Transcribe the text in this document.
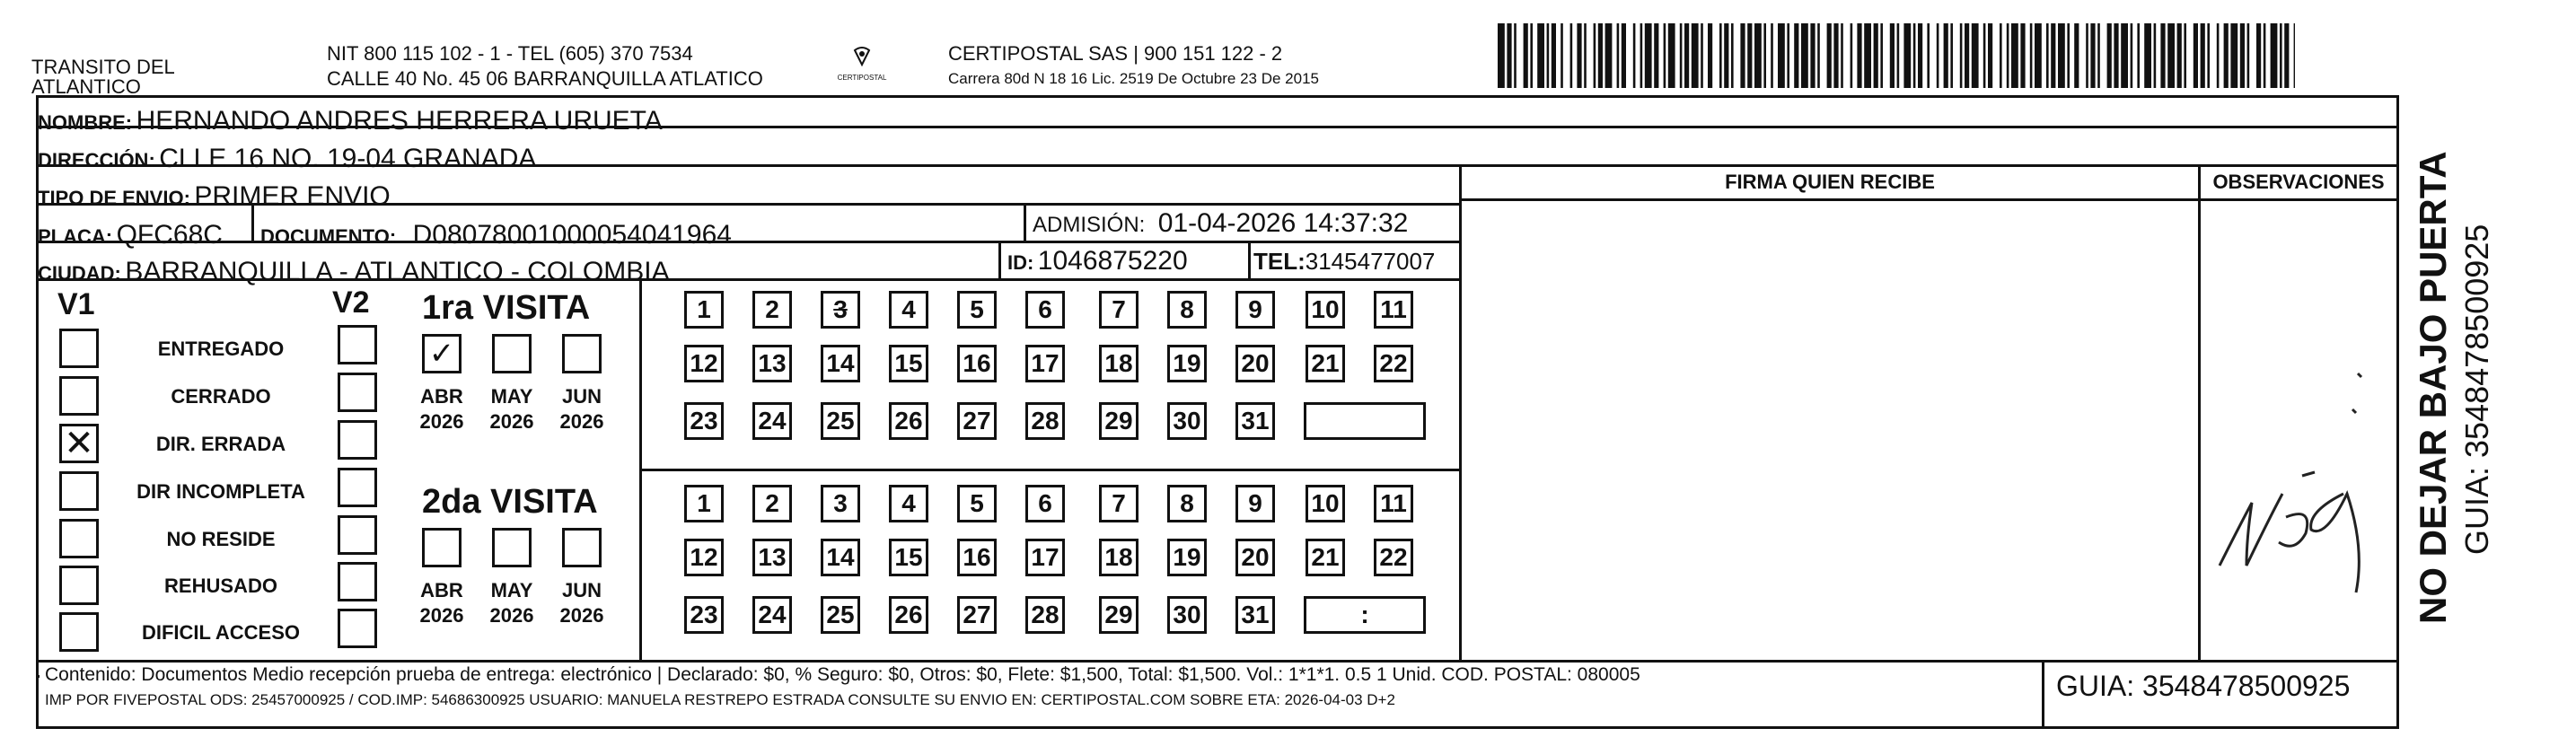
TRANSITO DEL
ATLANTICO
NIT 800 115 102 - 1 - TEL (605) 370 7534
CALLE 40 No. 45 06 BARRANQUILLA ATLATICO	CERTIPOSTAL
CERTIPOSTAL SAS | 900 151 122 - 2
Carrera 80d N 18 16 Lic. 2519 De Octubre 23 De 2015
NOMBRE: HERNANDO ANDRES HERRERA URUETA
DIRECCIÓN: CLLE 16 NO. 19-04 GRANADA
TIPO DE ENVIO: PRIMER ENVIO	FIRMA QUIEN RECIBE	OBSERVACIONES
PLACA: QFC68C DOCUMENTO: D08078001000054041964	ADMISIÓN: 01-04-2026 14:37:32
CIUDAD: BARRANQUILLA - ATLANTICO - COLOMBIA	ID: 1046875220	TEL:3145477007
V1	V2
ENTREGADO
CERRADO
✕	DIR. ERRADA
DIR INCOMPLETA
NO RESIDE
REHUSADO
DIFICIL ACCESO
1ra VISITA
✓
ABR
2026
MAY
2026
JUN
2026
1	2	3	4	5	6	7	8	9	10 11
12 13 14 15 16 17 18 19 20 21 22
23 24 25 26 27 28 29 30 31
2da VISITA
ABR
2026
MAY
2026
JUN
2026
1	2	3	4	5	6	7	8	9	10 11
12 13 14 15 16 17 18 19 20 21 22
23 24 25 26 27 28 29 30 31	:
Contenido: Documentos Medio recepción prueba de entrega: electrónico | Declarado: $0, % Seguro: $0, Otros: $0, Flete: $1,500, Total: $1,500. Vol.: 1*1*1. 0.5 1 Unid. COD. POSTAL: 080005
IMP POR FIVEPOSTAL ODS: 25457000925 / COD.IMP: 54686300925 USUARIO: MANUELA RESTREPO ESTRADA CONSULTE SU ENVIO EN: CERTIPOSTAL.COM SOBRE ETA: 2026-04-03 D+2	GUIA: 3548478500925
NO DEJAR BAJO PUERTA GUIA: 3548478500925
